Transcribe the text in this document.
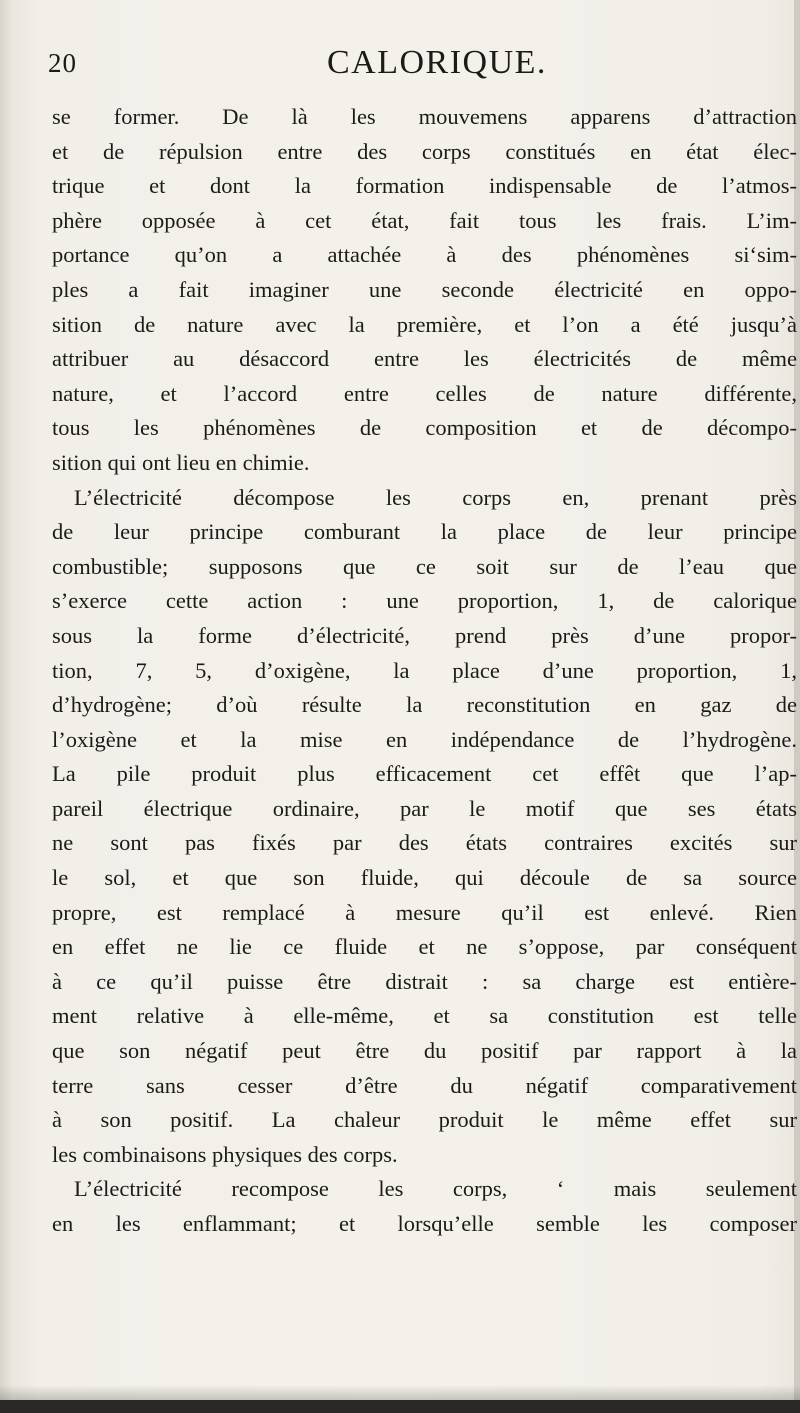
20	CALORIQUE.
se former. De là les mouvemens apparens d’attraction
et de répulsion entre des corps constitués en état élec-
trique et dont la formation indispensable de l’atmos-
phère opposée à cet état, fait tous les frais. L’im-
portance qu’on a attachée à des phénomènes si‘sim-
ples a fait imaginer une seconde électricité en oppo-
sition de nature avec la première, et l’on a été jusqu’à
attribuer au désaccord entre les électricités de même
nature, et l’accord entre celles de nature différente,
tous les phénomènes de composition et de décompo-
sition qui ont lieu en chimie.
L’électricité décompose les corps en, prenant près
de leur principe comburant la place de leur principe
combustible; supposons que ce soit sur de l’eau que
s’exerce cette action : une proportion, 1, de calorique
sous la forme d’électricité, prend près d’une propor-
tion, 7, 5, d’oxigène, la place d’une proportion, 1,
d’hydrogène; d’où résulte la reconstitution en gaz de
l’oxigène et la mise en indépendance de l’hydrogène.
La pile produit plus efficacement cet effêt que l’ap-
pareil électrique ordinaire, par le motif que ses états
ne sont pas fixés par des états contraires excités sur
le sol, et que son fluide, qui découle de sa source
propre, est remplacé à mesure qu’il est enlevé. Rien
en effet ne lie ce fluide et ne s’oppose, par conséquent
à ce qu’il puisse être distrait : sa charge est entière-
ment relative à elle-même, et sa constitution est telle
que son négatif peut être du positif par rapport à la
terre sans cesser d’être du négatif comparativement
à son positif. La chaleur produit le même effet sur
les combinaisons physiques des corps.
L’électricité recompose les corps, ‘ mais seulement
en les enflammant; et lorsqu’elle semble les composer
